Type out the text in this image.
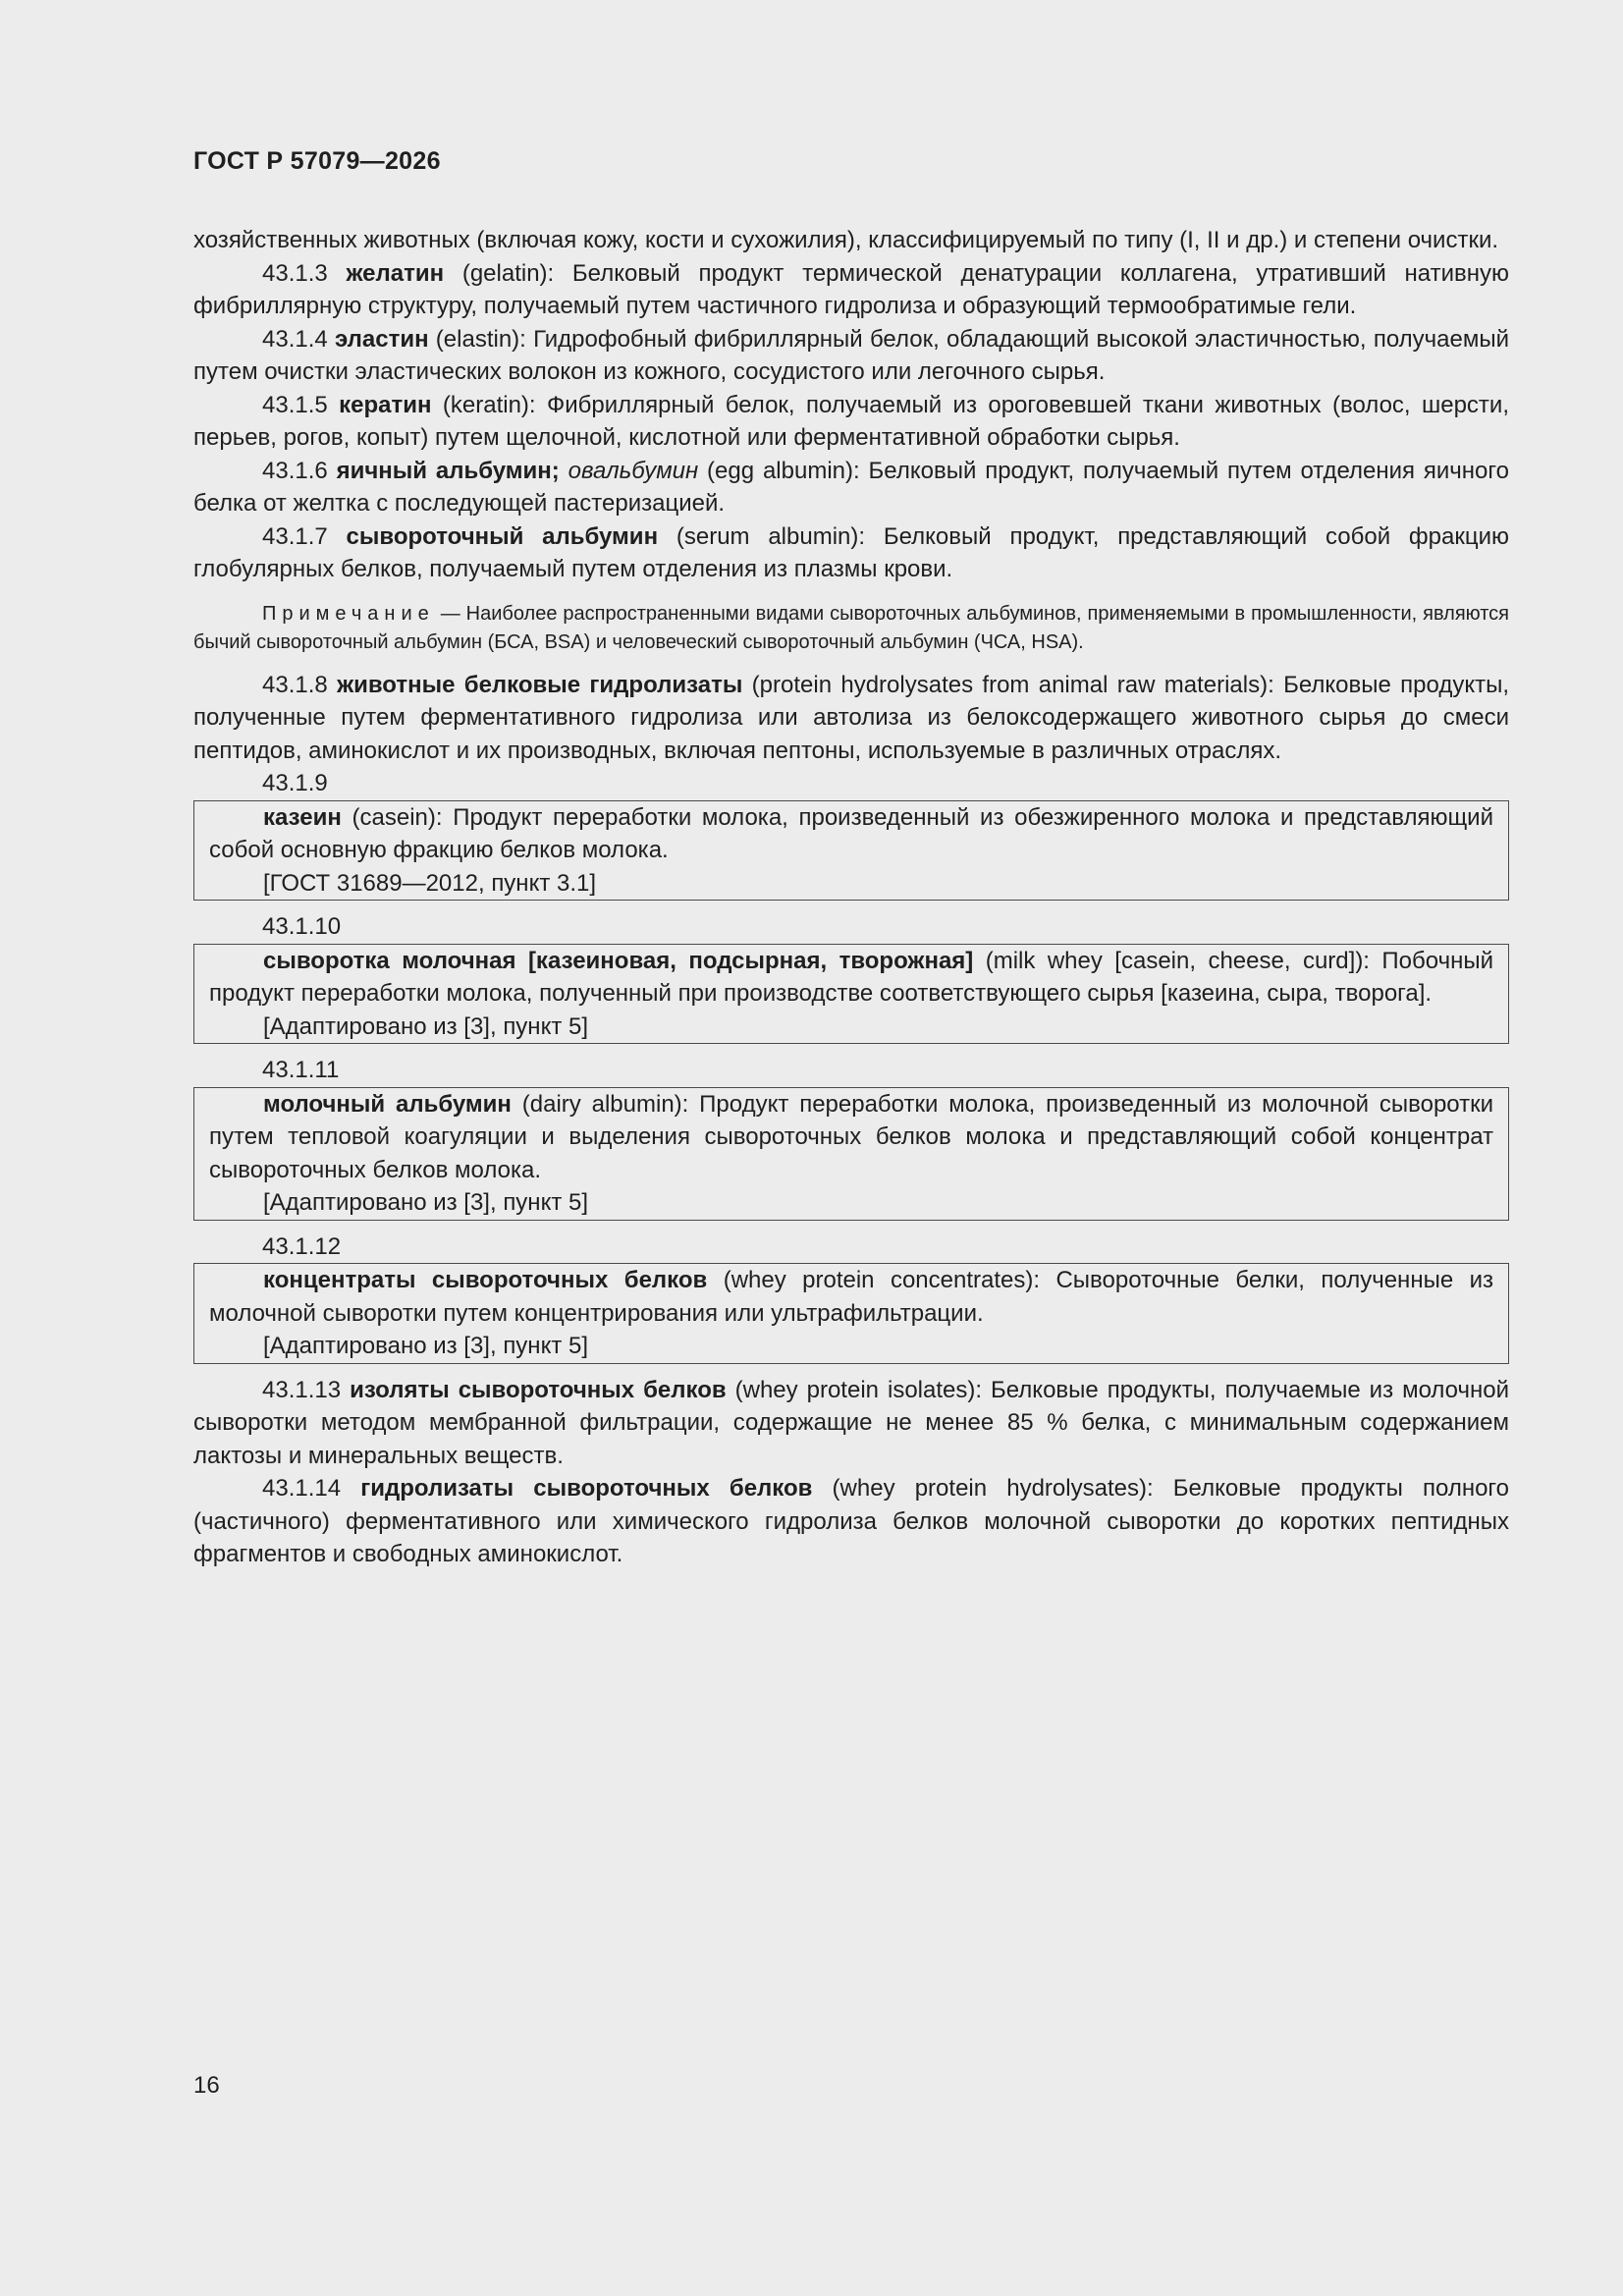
ГОСТ Р 57079—2026
хозяйственных животных (включая кожу, кости и сухожилия), классифицируемый по типу (I, II и др.) и степени очистки.
43.1.3 желатин (gelatin): Белковый продукт термической денатурации коллагена, утративший нативную фибриллярную структуру, получаемый путем частичного гидролиза и образующий термообратимые гели.
43.1.4 эластин (elastin): Гидрофобный фибриллярный белок, обладающий высокой эластичностью, получаемый путем очистки эластических волокон из кожного, сосудистого или легочного сырья.
43.1.5 кератин (keratin): Фибриллярный белок, получаемый из ороговевшей ткани животных (волос, шерсти, перьев, рогов, копыт) путем щелочной, кислотной или ферментативной обработки сырья.
43.1.6 яичный альбумин; овальбумин (egg albumin): Белковый продукт, получаемый путем отделения яичного белка от желтка с последующей пастеризацией.
43.1.7 сывороточный альбумин (serum albumin): Белковый продукт, представляющий собой фракцию глобулярных белков, получаемый путем отделения из плазмы крови.
Примечание — Наиболее распространенными видами сывороточных альбуминов, применяемыми в промышленности, являются бычий сывороточный альбумин (БСА, BSA) и человеческий сывороточный альбумин (ЧСА, HSA).
43.1.8 животные белковые гидролизаты (protein hydrolysates from animal raw materials): Белковые продукты, полученные путем ферментативного гидролиза или автолиза из белоксодержащего животного сырья до смеси пептидов, аминокислот и их производных, включая пептоны, используемые в различных отраслях.
43.1.9
казеин (casein): Продукт переработки молока, произведенный из обезжиренного молока и представляющий собой основную фракцию белков молока.
[ГОСТ 31689—2012, пункт 3.1]
43.1.10
сыворотка молочная [казеиновая, подсырная, творожная] (milk whey [casein, cheese, curd]): Побочный продукт переработки молока, полученный при производстве соответствующего сырья [казеина, сыра, творога].
[Адаптировано из [3], пункт 5]
43.1.11
молочный альбумин (dairy albumin): Продукт переработки молока, произведенный из молочной сыворотки путем тепловой коагуляции и выделения сывороточных белков молока и представляющий собой концентрат сывороточных белков молока.
[Адаптировано из [3], пункт 5]
43.1.12
концентраты сывороточных белков (whey protein concentrates): Сывороточные белки, полученные из молочной сыворотки путем концентрирования или ультрафильтрации.
[Адаптировано из [3], пункт 5]
43.1.13 изоляты сывороточных белков (whey protein isolates): Белковые продукты, получаемые из молочной сыворотки методом мембранной фильтрации, содержащие не менее 85 % белка, с минимальным содержанием лактозы и минеральных веществ.
43.1.14 гидролизаты сывороточных белков (whey protein hydrolysates): Белковые продукты полного (частичного) ферментативного или химического гидролиза белков молочной сыворотки до коротких пептидных фрагментов и свободных аминокислот.
16
